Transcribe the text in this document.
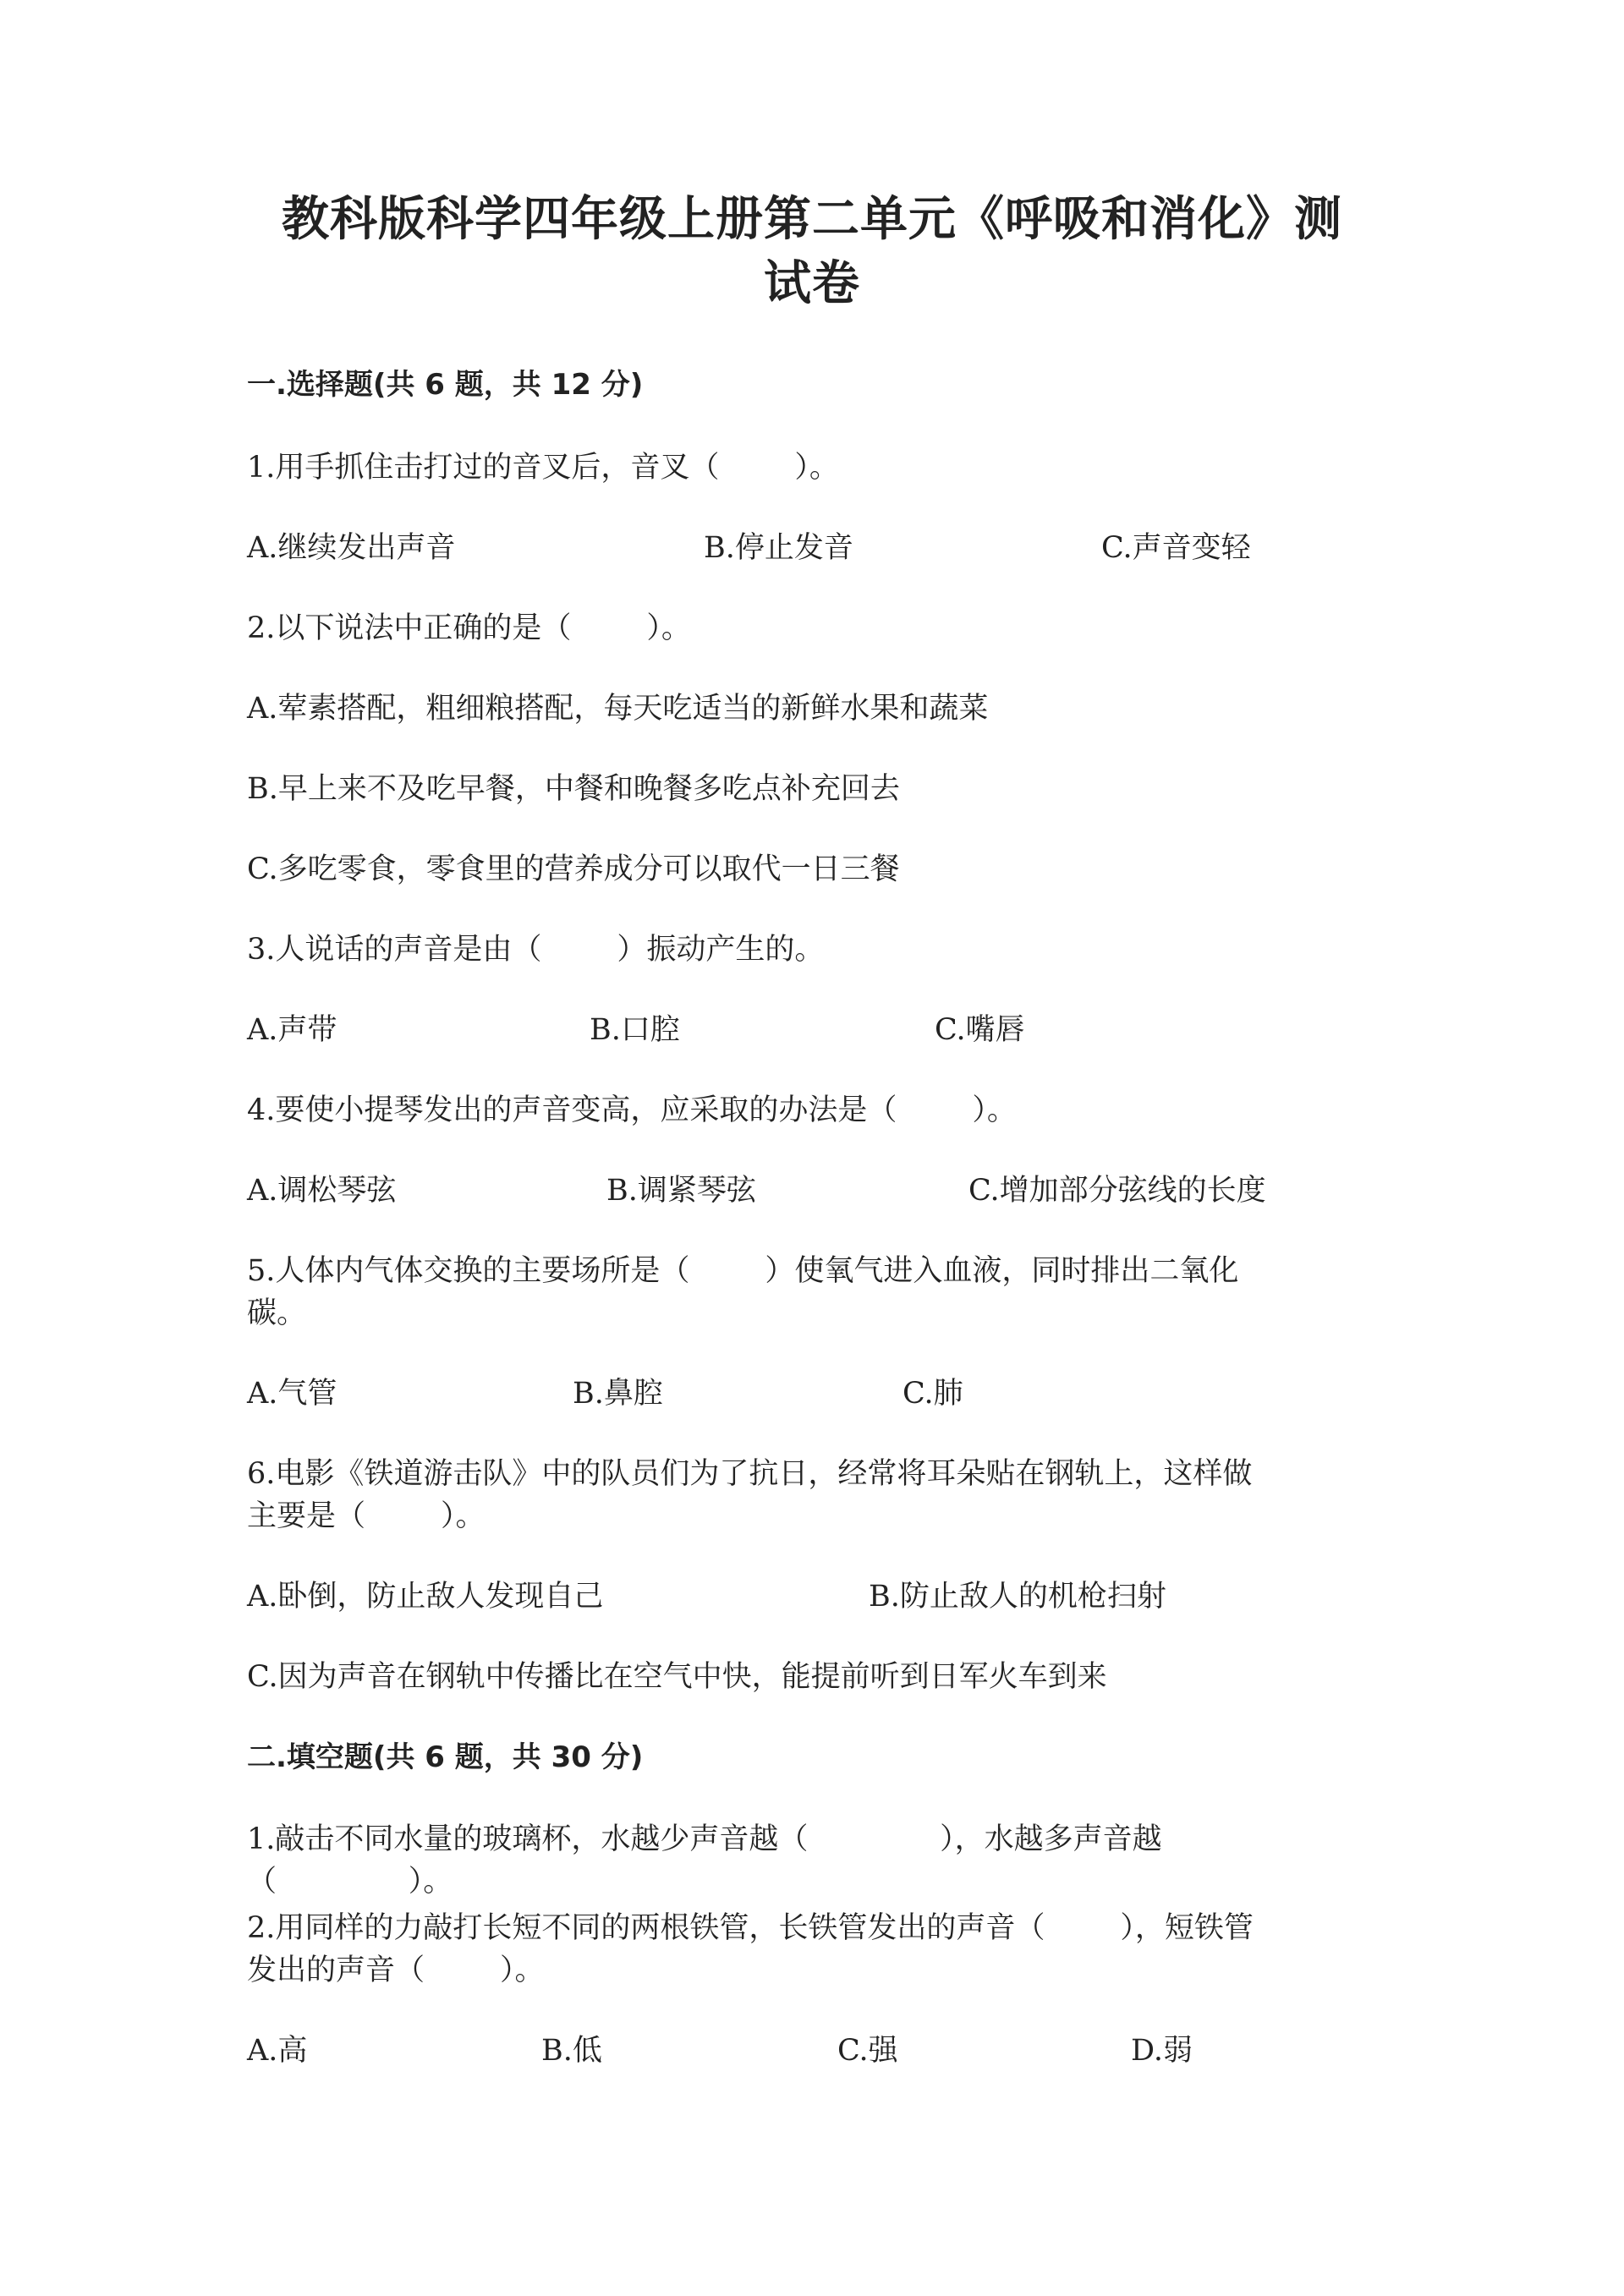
教科版科学四年级上册第二单元《呼吸和消化》测
试卷
一.选择题(共 6 题，共 12 分)
1.用手抓住击打过的音叉后，音叉（        ）。
A.继续发出声音	B.停止发音	C.声音变轻
2.以下说法中正确的是（        ）。
A.荤素搭配，粗细粮搭配，每天吃适当的新鲜水果和蔬菜
B.早上来不及吃早餐，中餐和晚餐多吃点补充回去
C.多吃零食，零食里的营养成分可以取代一日三餐
3.人说话的声音是由（        ）振动产生的。
A.声带	B.口腔	C.嘴唇
4.要使小提琴发出的声音变高，应采取的办法是（        ）。
A.调松琴弦	B.调紧琴弦	C.增加部分弦线的长度
5.人体内气体交换的主要场所是（        ）使氧气进入血液，同时排出二氧化
碳。
A.气管	B.鼻腔	C.肺
6.电影《铁道游击队》中的队员们为了抗日，经常将耳朵贴在钢轨上，这样做
主要是（        ）。
A.卧倒，防止敌人发现自己	B.防止敌人的机枪扫射
C.因为声音在钢轨中传播比在空气中快，能提前听到日军火车到来
二.填空题(共 6 题，共 30 分)
1.敲击不同水量的玻璃杯，水越少声音越（              ），水越多声音越
（              ）。
2.用同样的力敲打长短不同的两根铁管，长铁管发出的声音（        ），短铁管
发出的声音（        ）。
A.高	B.低	C.强	D.弱
